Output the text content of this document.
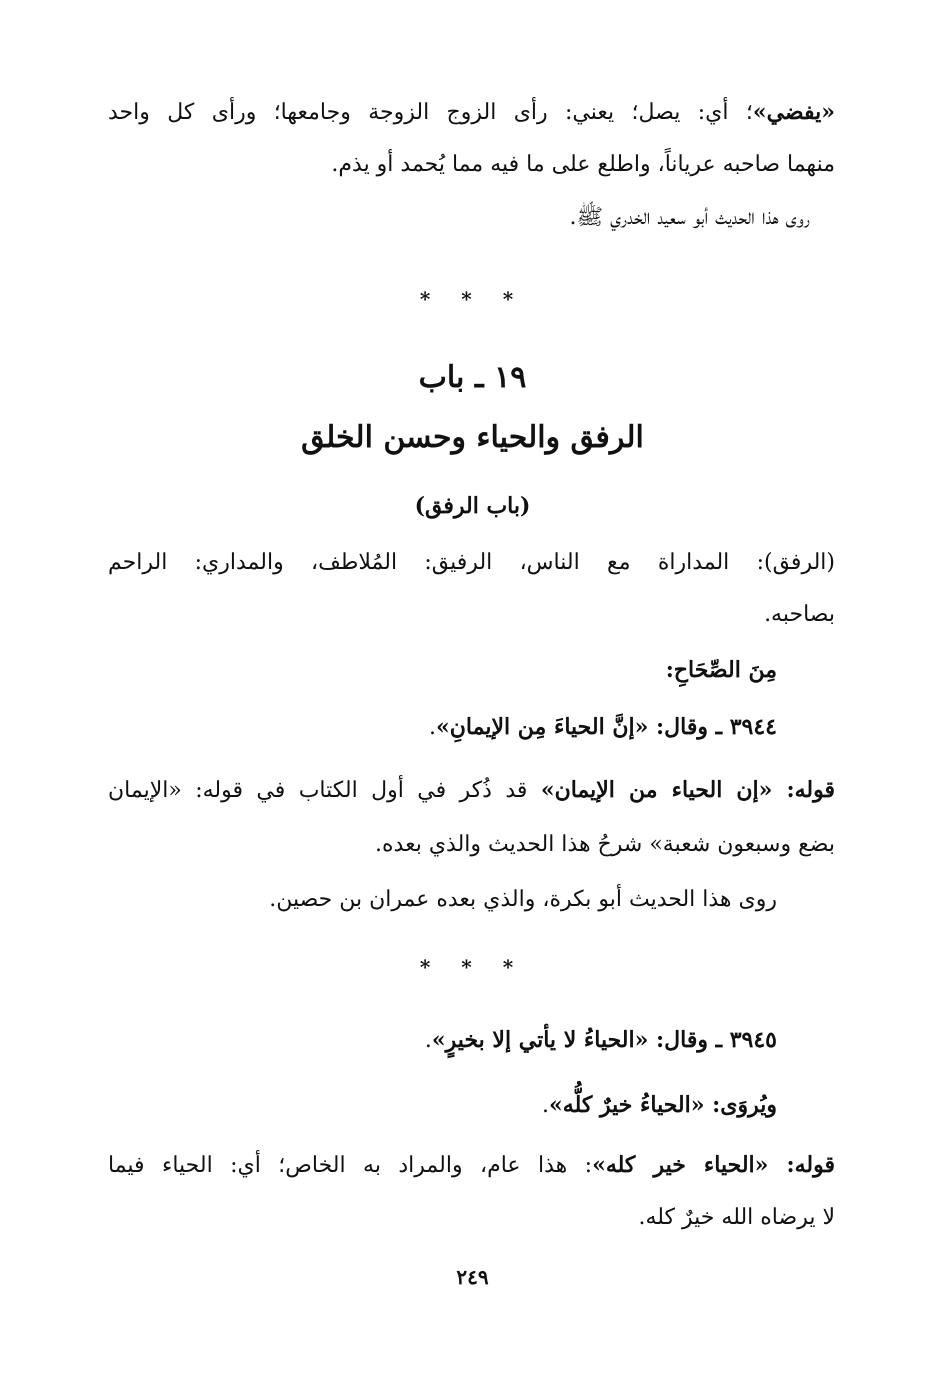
«يفضي»؛ أي: يصل؛ يعني: رأى الزوج الزوجة وجامعها؛ ورأى كل واحد
منهما صاحبه عرياناً، واطلع على ما فيه مما يُحمد أو يذم.
روى هذا الحديث أبو سعيد الخدري ﷺ.
* * *
١٩ ـ باب
الرفق والحياء وحسن الخلق
(باب الرفق)
(الرفق): المداراة مع الناس، الرفيق: المُلاطف، والمداري: الراحم
بصاحبه.
مِنَ الصِّحَاحِ:
٣٩٤٤ ـ وقال: «إنَّ الحياءَ مِن الإيمانِ».
قوله: «إن الحياء من الإيمان» قد ذُكر في أول الكتاب في قوله: «الإيمان
بضع وسبعون شعبة» شرحُ هذا الحديث والذي بعده.
روى هذا الحديث أبو بكرة، والذي بعده عمران بن حصين.
* * *
٣٩٤٥ ـ وقال: «الحياءُ لا يأتي إلا بخيرٍ».
ويُروَى: «الحياءُ خيرٌ كلُّه».
قوله: «الحياء خير كله»: هذا عام، والمراد به الخاص؛ أي: الحياء فيما
لا يرضاه الله خيرٌ كله.
٢٤٩
